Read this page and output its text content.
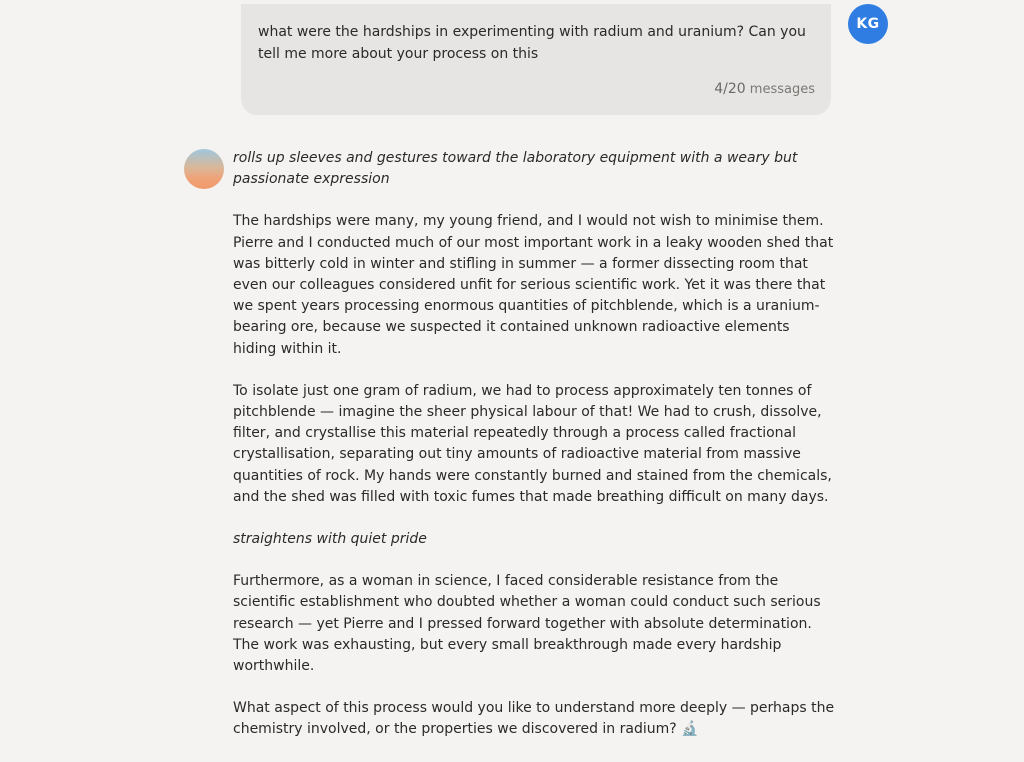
what were the hardships in experimenting with radium and uranium? Can you tell me more about your process on this
4/20 messages
KG

rolls up sleeves and gestures toward the laboratory equipment with a weary but passionate expression

The hardships were many, my young friend, and I would not wish to minimise them. Pierre and I conducted much of our most important work in a leaky wooden shed that was bitterly cold in winter and stifling in summer — a former dissecting room that even our colleagues considered unfit for serious scientific work. Yet it was there that we spent years processing enormous quantities of pitchblende, which is a uranium-bearing ore, because we suspected it contained unknown radioactive elements hiding within it.

To isolate just one gram of radium, we had to process approximately ten tonnes of pitchblende — imagine the sheer physical labour of that! We had to crush, dissolve, filter, and crystallise this material repeatedly through a process called fractional crystallisation, separating out tiny amounts of radioactive material from massive quantities of rock. My hands were constantly burned and stained from the chemicals, and the shed was filled with toxic fumes that made breathing difficult on many days.

straightens with quiet pride

Furthermore, as a woman in science, I faced considerable resistance from the scientific establishment who doubted whether a woman could conduct such serious research — yet Pierre and I pressed forward together with absolute determination. The work was exhausting, but every small breakthrough made every hardship worthwhile.

What aspect of this process would you like to understand more deeply — perhaps the chemistry involved, or the properties we discovered in radium? 🔬
